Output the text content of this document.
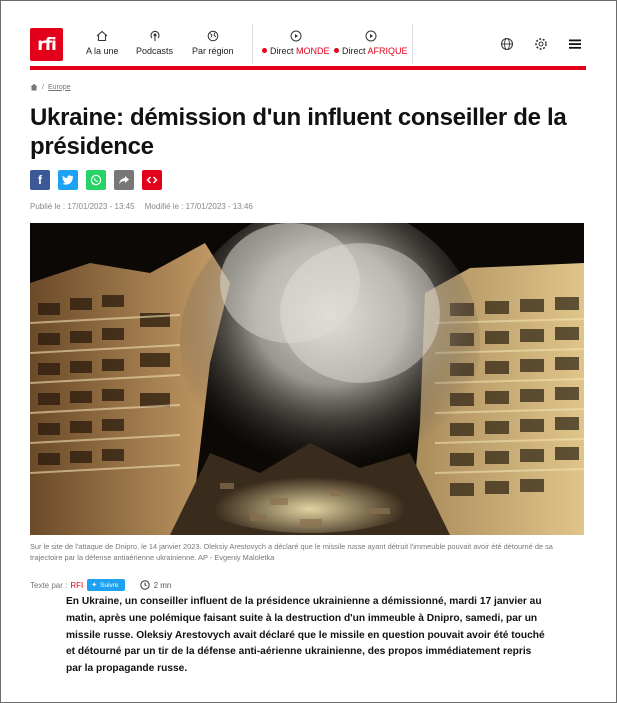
rfi	A la une Podcasts Par région	Direct MONDE	Direct AFRIQUE
/ Europe
Ukraine: démission d'un influent conseiller de la présidence
f
Publié le : 17/01/2023 - 13:45 Modifié le : 17/01/2023 - 13:46

Sur le site de l'attaque de Dnipro, le 14 janvier 2023. Oleksiy Arestovych a déclaré que le missile russe ayant détruit l'immeuble pouvait avoir été détourné de sa trajectoire par la défense antiaérienne ukrainienne. AP - Evgeniy Maloletka

Texte par : RFI ✦ Suivre	2 mn

En Ukraine, un conseiller influent de la présidence ukrainienne a démissionné, mardi 17 janvier au matin, après une polémique faisant suite à la destruction d'un immeuble à Dnipro, samedi, par un missile russe. Oleksiy Arestovych avait déclaré que le missile en question pouvait avoir été touché et détourné par un tir de la défense anti-aérienne ukrainienne, des propos immédiatement repris par la propagande russe.
